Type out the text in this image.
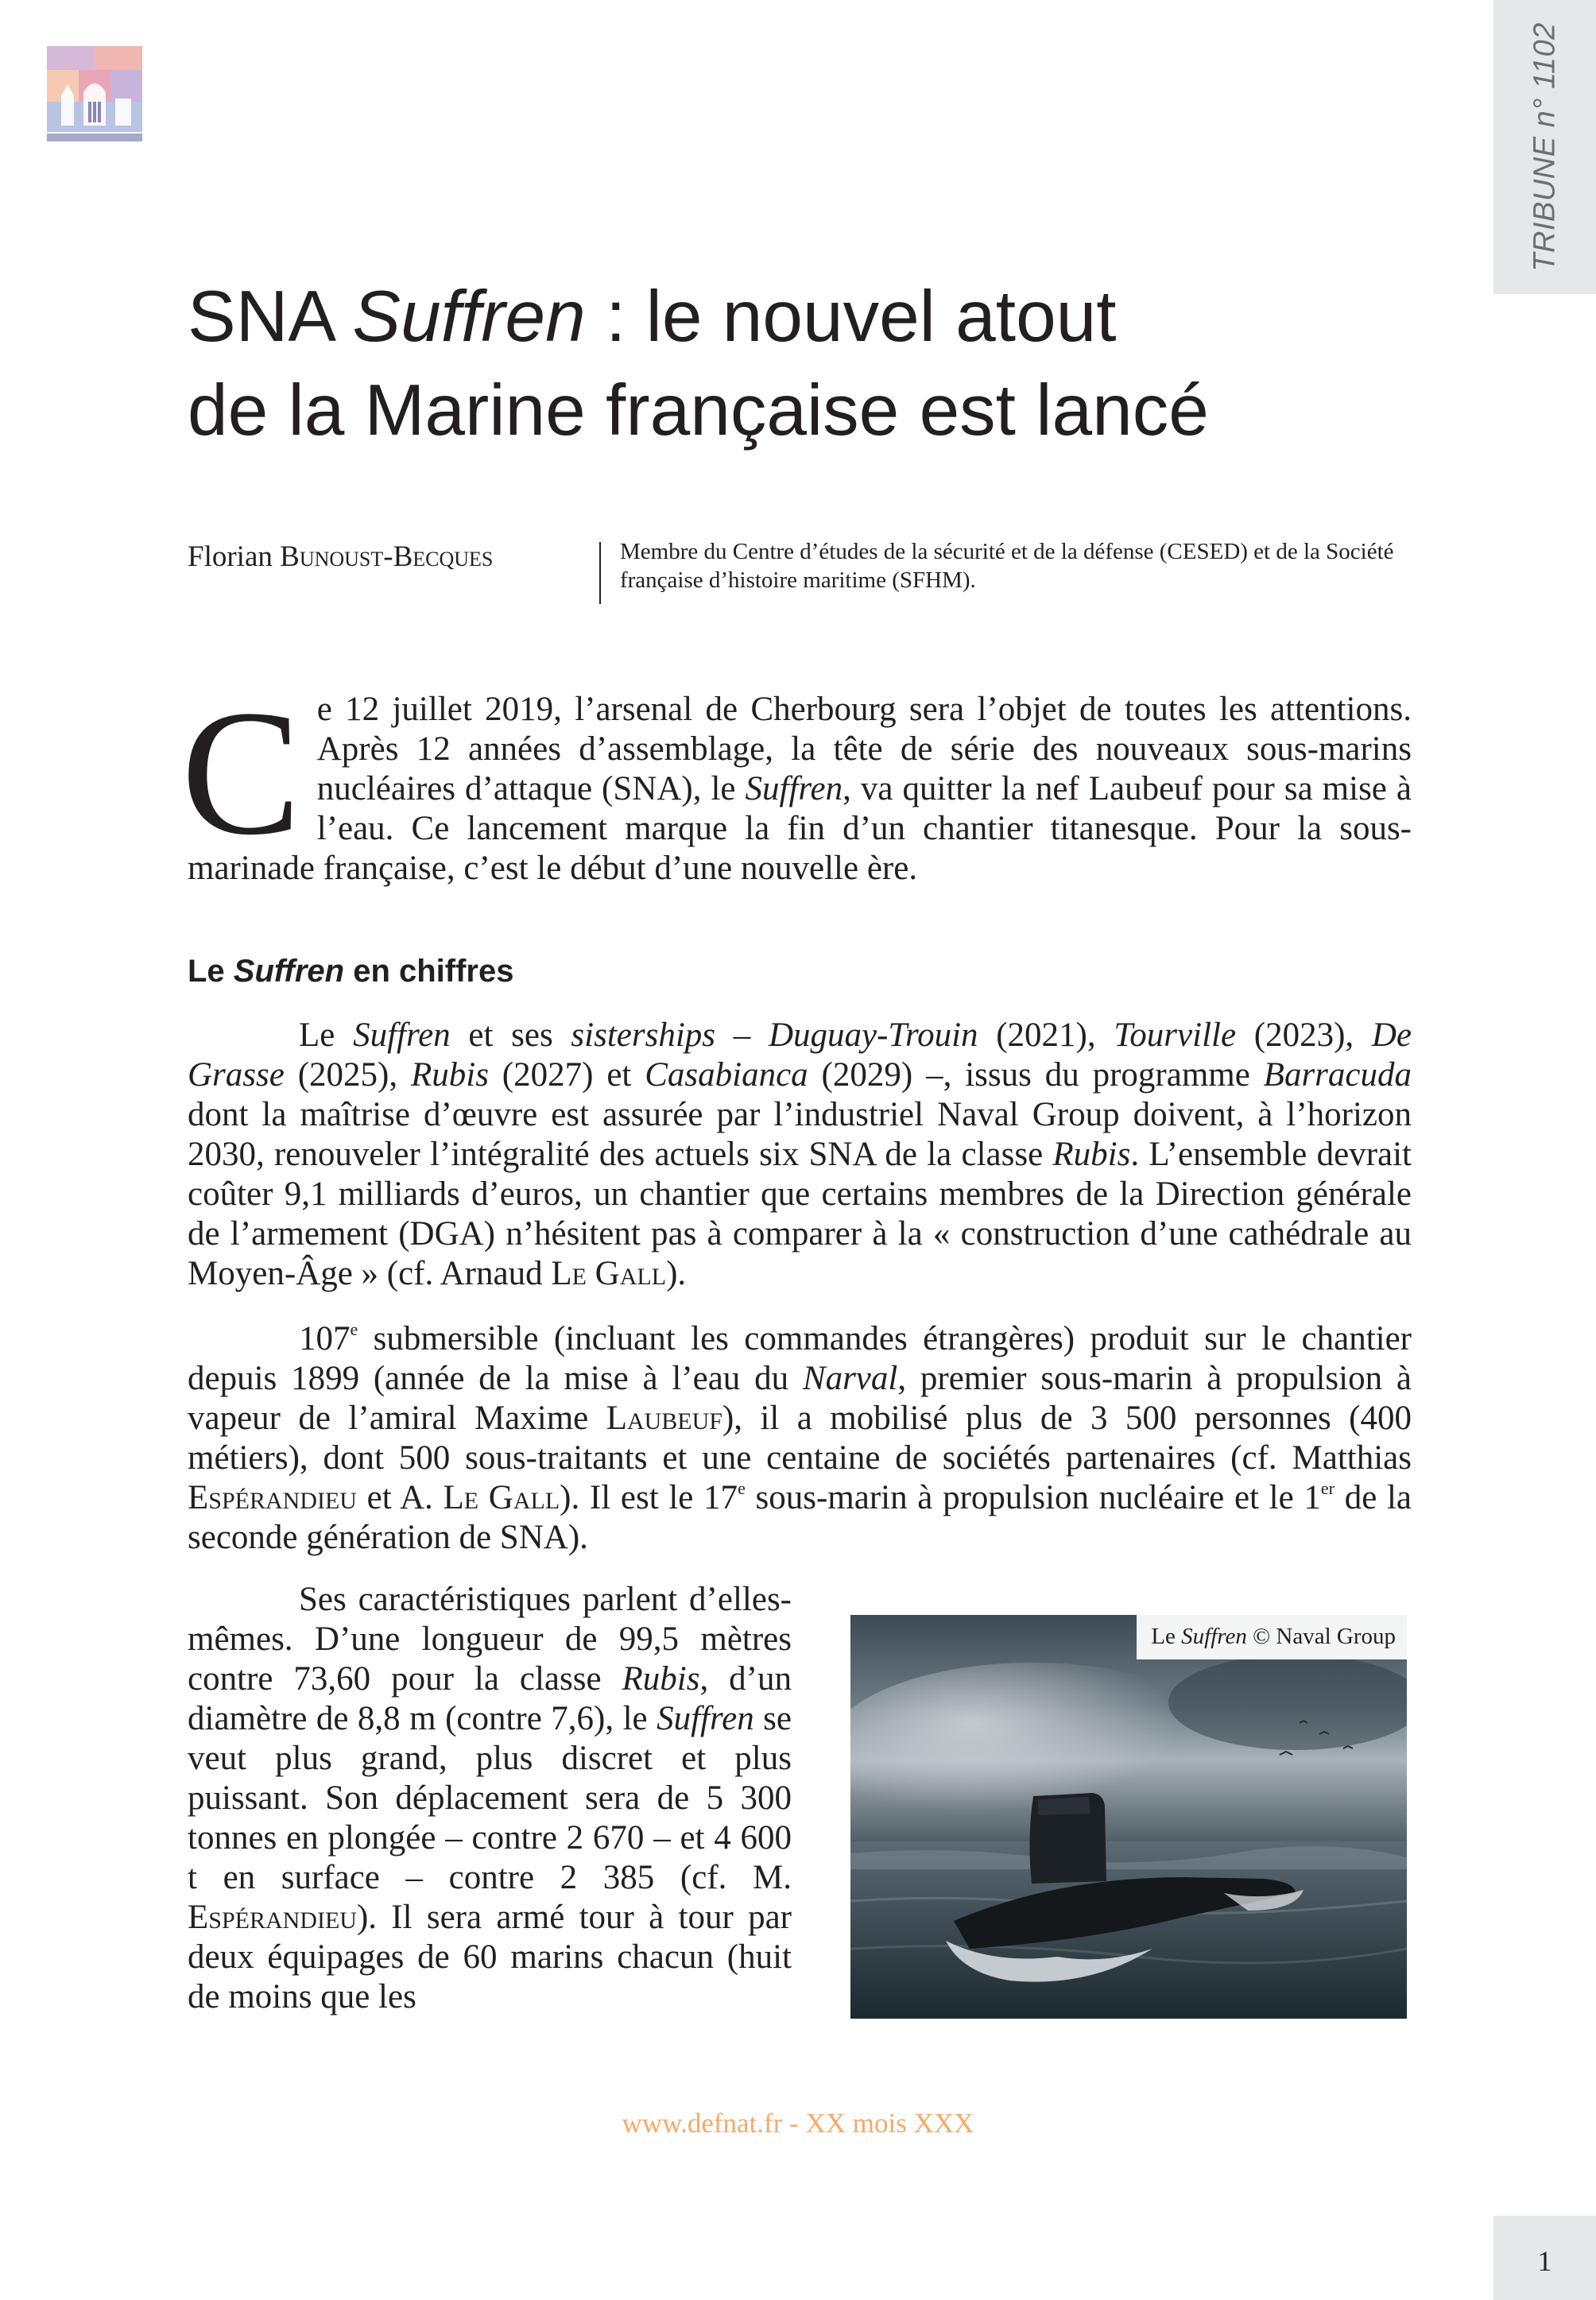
TRIBUNE n° 1102
SNA Suffren : le nouvel atout
de la Marine française est lancé
Florian Bunoust-Becques	Membre du Centre d’études de la sécurité et de la défense (CESED) et de la Société française d’histoire maritime (SFHM).

Ce 12 juillet 2019, l’arsenal de Cherbourg sera l’objet de toutes les attentions. Après 12 années d’assemblage, la tête de série des nouveaux sous-marins nucléaires d’attaque (SNA), le Suffren, va quitter la nef Laubeuf pour sa mise à l’eau. Ce lancement marque la fin d’un chantier titanesque. Pour la sous-marinade française, c’est le début d’une nouvelle ère.

Le Suffren en chiffres

Le Suffren et ses sisterships – Duguay-Trouin (2021), Tourville (2023), De Grasse (2025), Rubis (2027) et Casabianca (2029) –, issus du programme Barracuda dont la maîtrise d’œuvre est assurée par l’industriel Naval Group doivent, à l’horizon 2030, renouveler l’intégralité des actuels six SNA de la classe Rubis. L’ensemble devrait coûter 9,1 milliards d’euros, un chantier que certains membres de la Direction générale de l’armement (DGA) n’hésitent pas à comparer à la « construction d’une cathédrale au Moyen-Âge » (cf. Arnaud Le Gall).

107e submersible (incluant les commandes étrangères) produit sur le chantier depuis 1899 (année de la mise à l’eau du Narval, premier sous-marin à propulsion à vapeur de l’amiral Maxime Laubeuf), il a mobilisé plus de 3 500 personnes (400 métiers), dont 500 sous-traitants et une centaine de sociétés partenaires (cf. Matthias Espérandieu et A. Le Gall). Il est le 17e sous-marin à propulsion nucléaire et le 1er de la seconde génération de SNA).

Ses caractéristiques parlent d’elles-mêmes. D’une longueur de 99,5 mètres contre 73,60 pour la classe Rubis, d’un diamètre de 8,8 m (contre 7,6), le Suffren se veut plus grand, plus discret et plus puissant. Son déplacement sera de 5 300 tonnes en plongée – contre 2 670 – et 4 600 t en surface – contre 2 385 (cf. M. Espérandieu). Il sera armé tour à tour par deux équipages de 60 marins chacun (huit de moins que les

Le Suffren © Naval Group
www.defnat.fr - XX mois XXX
1
